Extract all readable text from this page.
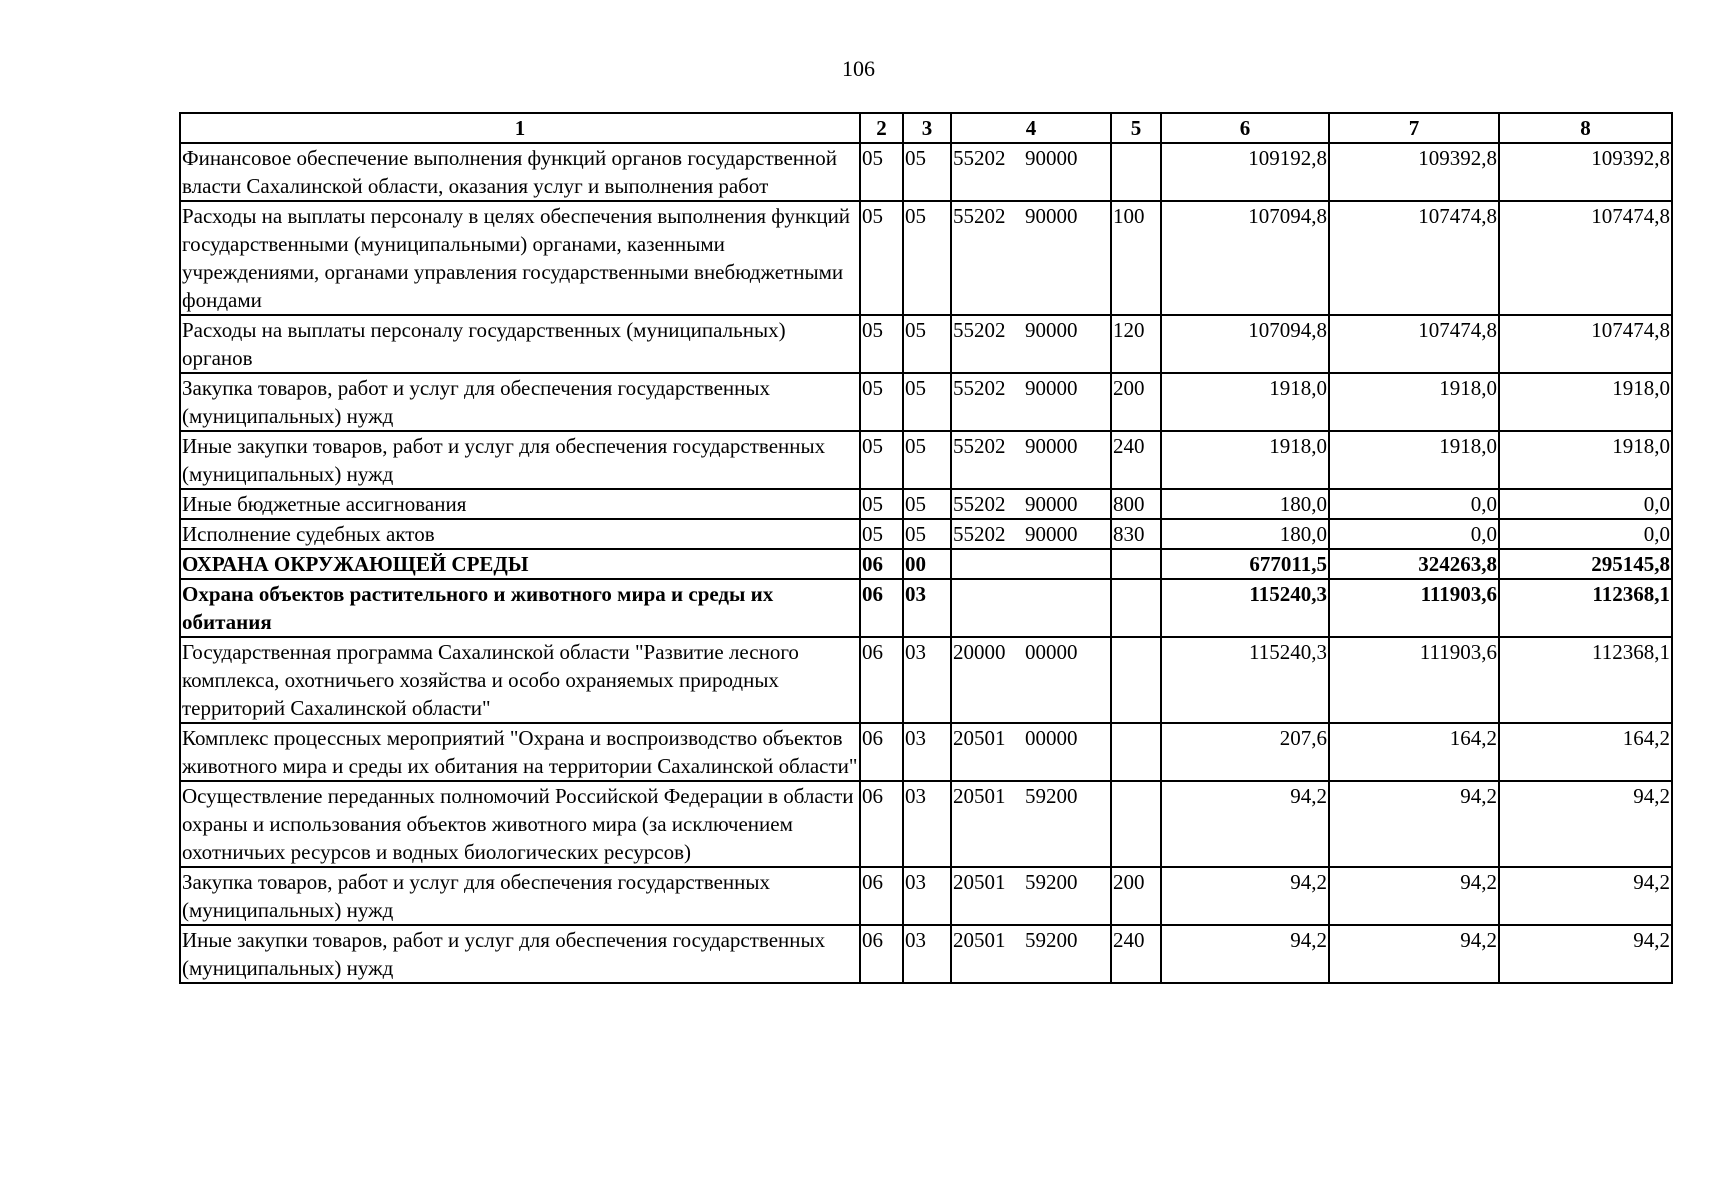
106
1	2	3	4	5	6	7	8
Финансовое обеспечение выполнения функций органов государственной власти Сахалинской области, оказания услуг и выполнения работ	05	05	55202 90000		109192,8	109392,8	109392,8
Расходы на выплаты персоналу в целях обеспечения выполнения функций государственными (муниципальными) органами, казенными учреждениями, органами управления государственными внебюджетными фондами	05	05	55202 90000	100	107094,8	107474,8	107474,8
Расходы на выплаты персоналу государственных (муниципальных) органов	05	05	55202 90000	120	107094,8	107474,8	107474,8
Закупка товаров, работ и услуг для обеспечения государственных (муниципальных) нужд	05	05	55202 90000	200	1918,0	1918,0	1918,0
Иные закупки товаров, работ и услуг для обеспечения государственных (муниципальных) нужд	05	05	55202 90000	240	1918,0	1918,0	1918,0
Иные бюджетные ассигнования	05	05	55202 90000	800	180,0	0,0	0,0
Исполнение судебных актов	05	05	55202 90000	830	180,0	0,0	0,0
ОХРАНА ОКРУЖАЮЩЕЙ СРЕДЫ	06	00			677011,5	324263,8	295145,8
Охрана объектов растительного и животного мира и среды их обитания	06	03			115240,3	111903,6	112368,1
Государственная программа Сахалинской области "Развитие лесного комплекса, охотничьего хозяйства и особо охраняемых природных территорий Сахалинской области"	06	03	20000 00000		115240,3	111903,6	112368,1
Комплекс процессных мероприятий "Охрана и воспроизводство объектов животного мира и среды их обитания на территории Сахалинской области"	06	03	20501 00000		207,6	164,2	164,2
Осуществление переданных полномочий Российской Федерации в области охраны и использования объектов животного мира (за исключением охотничьих ресурсов и водных биологических ресурсов)	06	03	20501 59200		94,2	94,2	94,2
Закупка товаров, работ и услуг для обеспечения государственных (муниципальных) нужд	06	03	20501 59200	200	94,2	94,2	94,2
Иные закупки товаров, работ и услуг для обеспечения государственных (муниципальных) нужд	06	03	20501 59200	240	94,2	94,2	94,2
